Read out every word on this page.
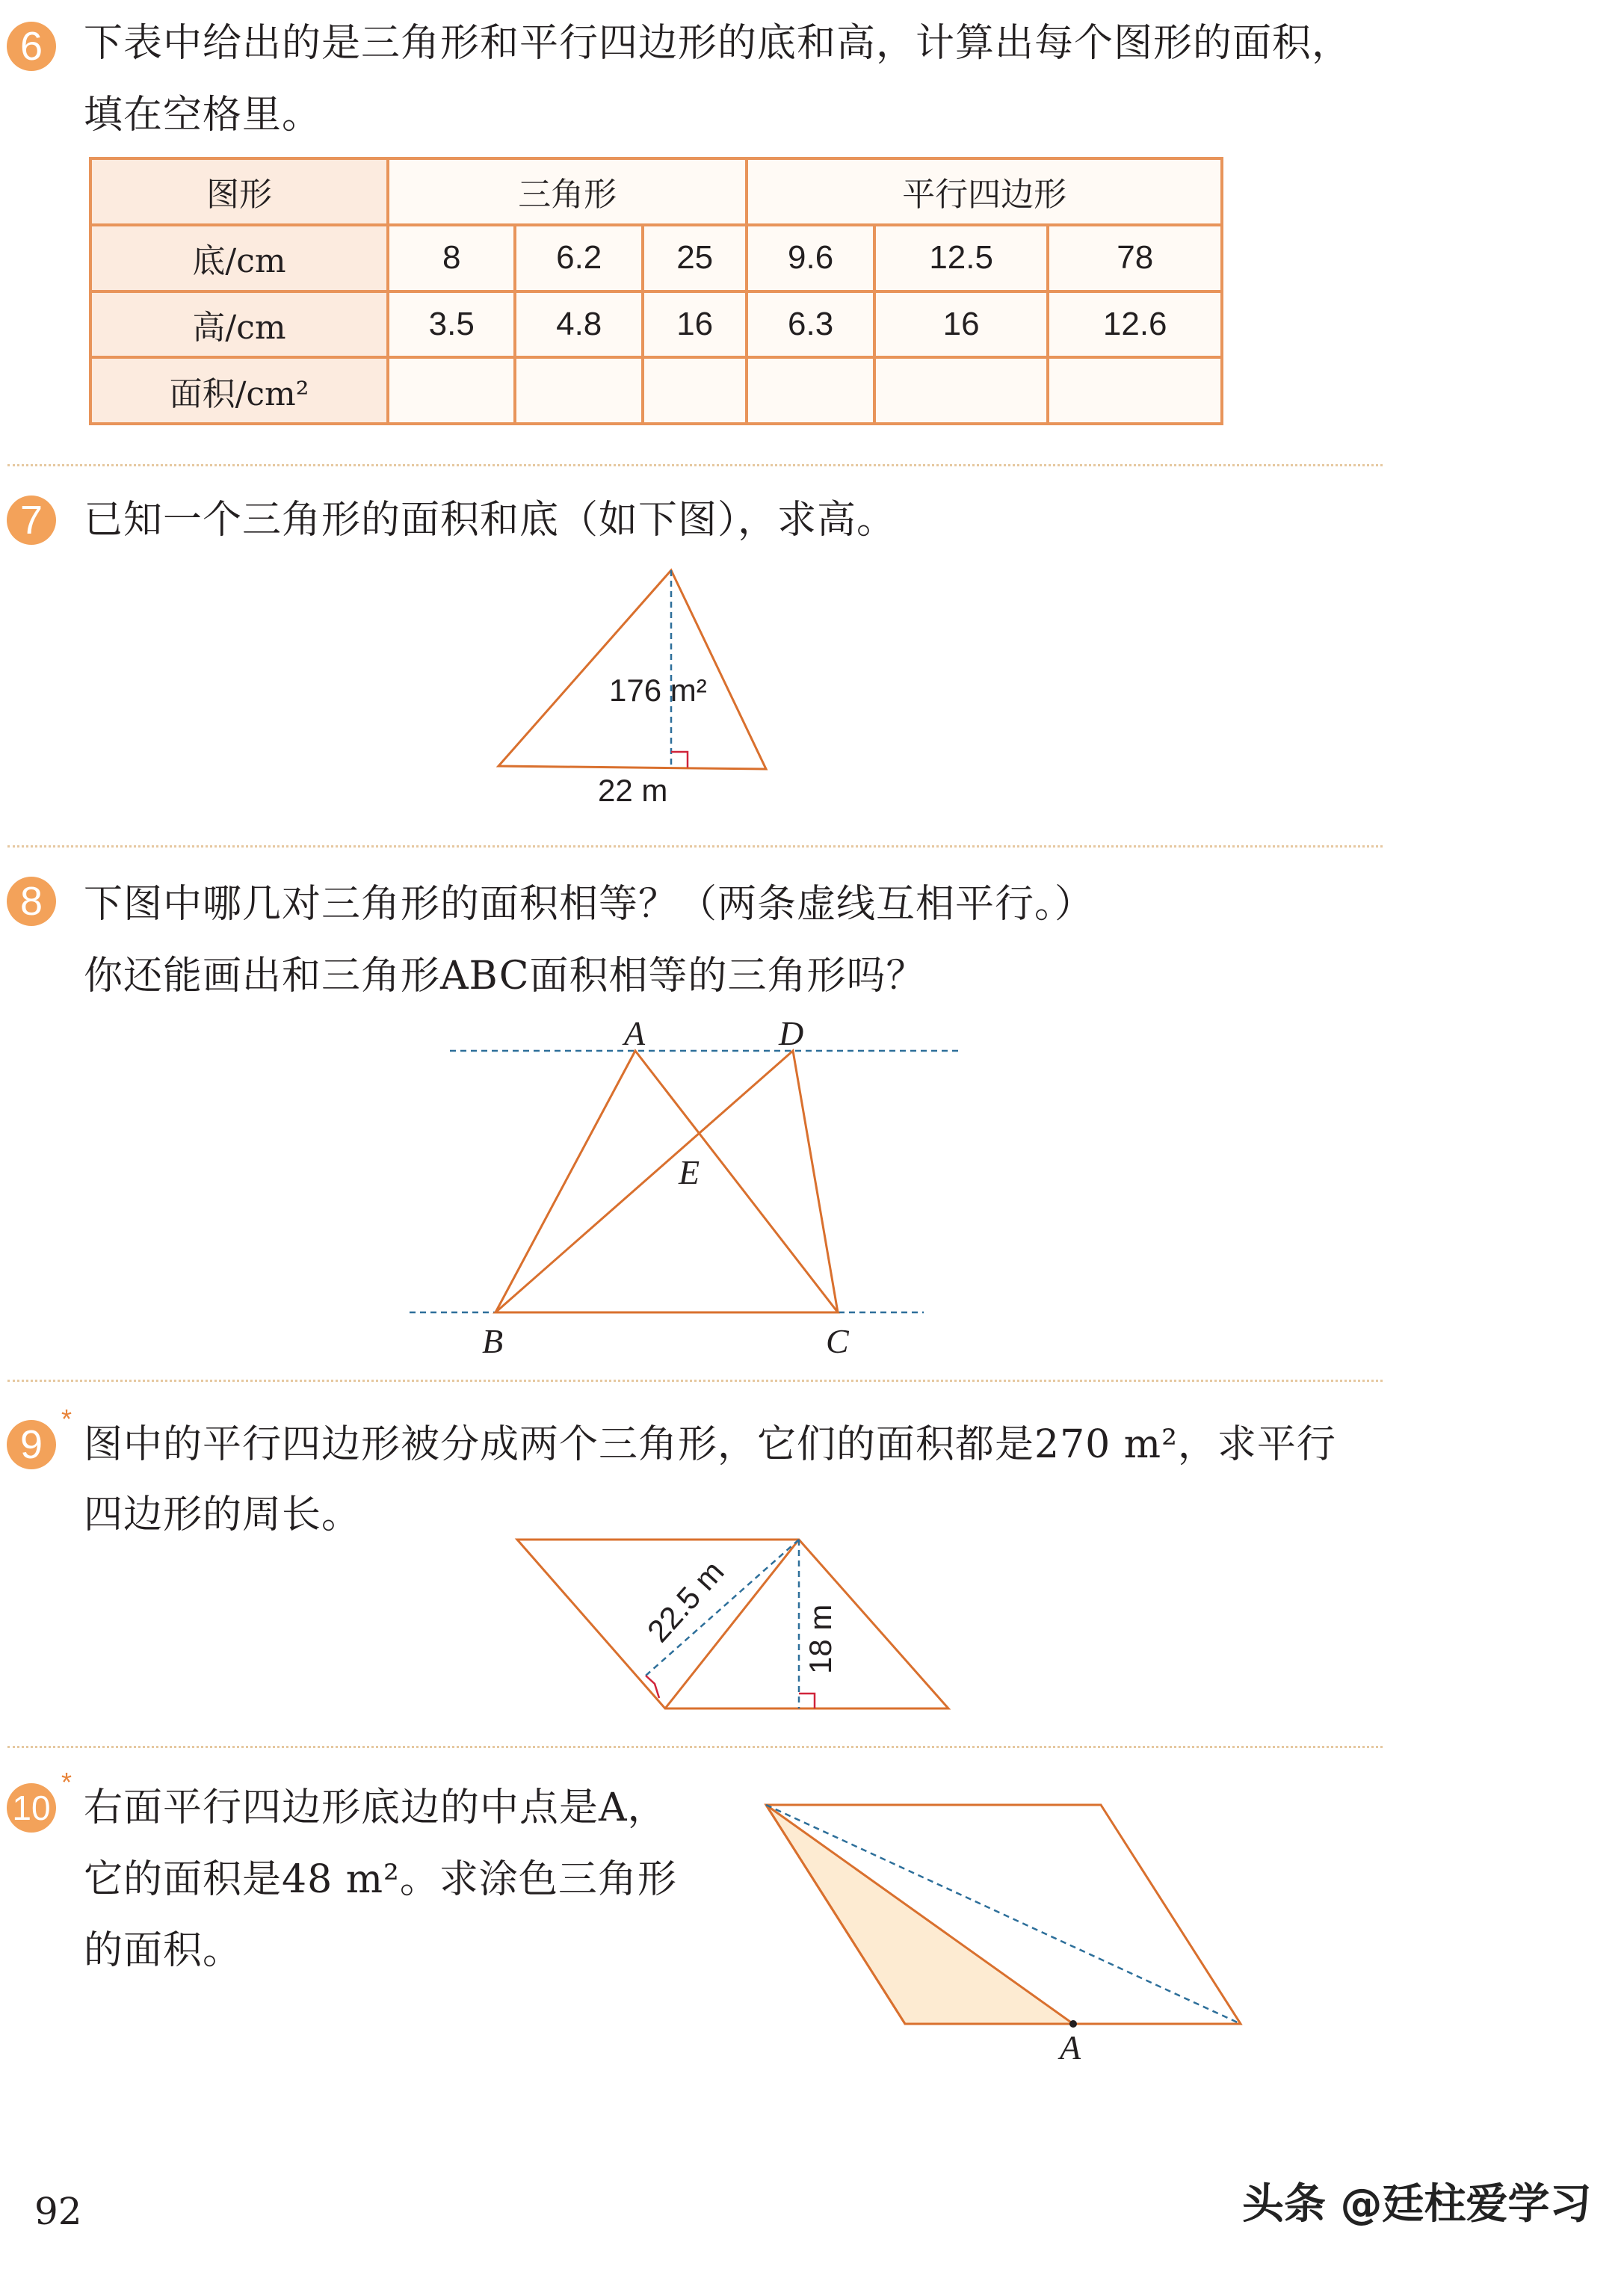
6	下表中给出的是三角形和平行四边形的底和高，计算出每个图形的面积，
填在空格里。
图形	三角形			平行四边形		
底/cm	8	6.2	25	9.6	12.5	78
高/cm	3.5	4.8	16	6.3	16	12.6
面积/cm²						
7	已知一个三角形的面积和底（如下图），求高。
8	下图中哪几对三角形的面积相等？（两条虚线互相平行。）
你还能画出和三角形ABC面积相等的三角形吗？
*
9	图中的平行四边形被分成两个三角形，它们的面积都是270 m²，求平行
四边形的周长。
*
10 右面平行四边形底边的中点是A，
它的面积是48 m²。求涂色三角形
的面积。
176 m²
22 m
A	D
E
B	C
22.5 m 18 m
A
92	头条 @廷柱爱学习
